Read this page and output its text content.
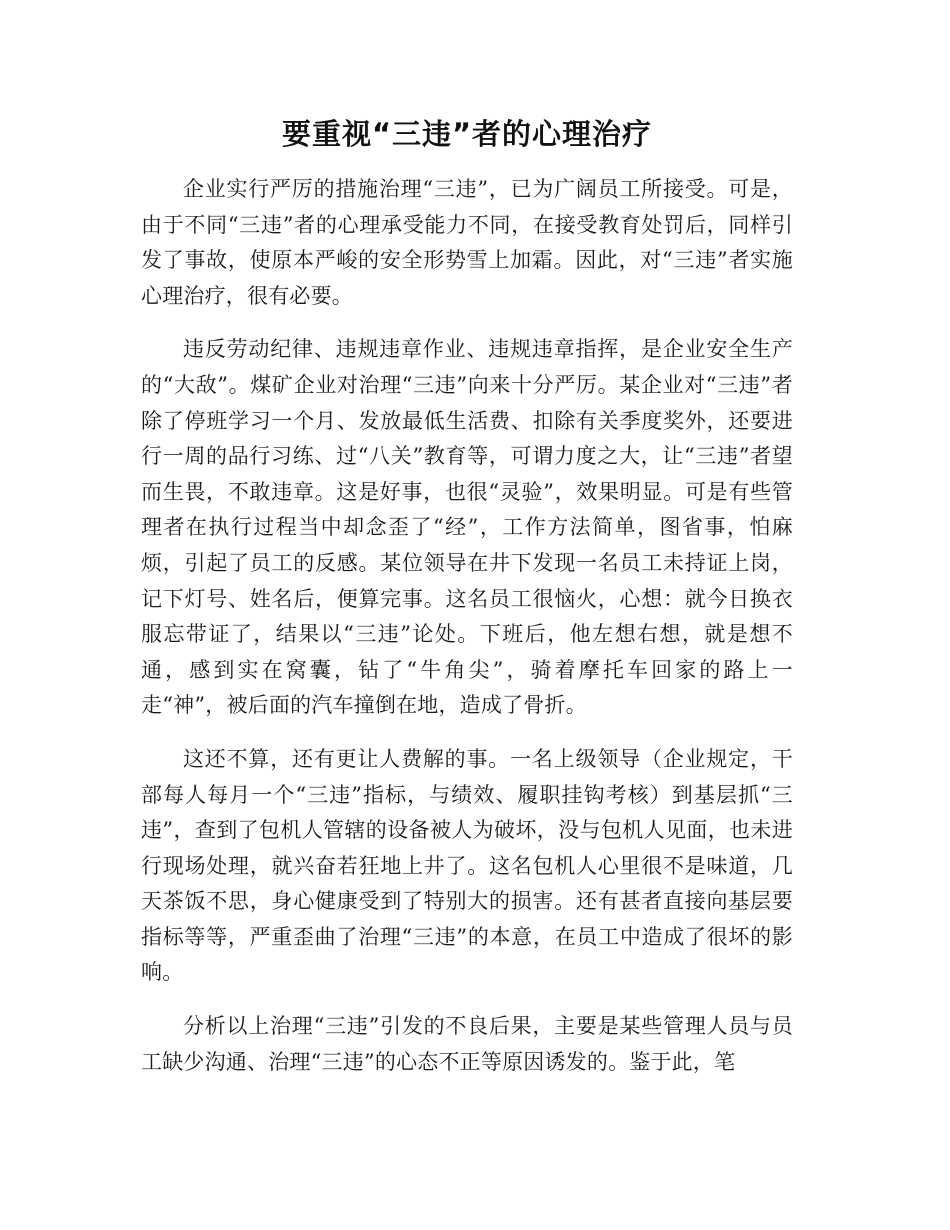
要重视“三违”者的心理治疗

企业实行严厉的措施治理“三违”，已为广阔员工所接受。可是，由于不同“三违”者的心理承受能力不同，在接受教育处罚后，同样引发了事故，使原本严峻的安全形势雪上加霜。因此，对“三违”者实施心理治疗，很有必要。

违反劳动纪律、违规违章作业、违规违章指挥，是企业安全生产的“大敌”。煤矿企业对治理“三违”向来十分严厉。某企业对“三违”者除了停班学习一个月、发放最低生活费、扣除有关季度奖外，还要进行一周的品行习练、过“八关”教育等，可谓力度之大，让“三违”者望而生畏，不敢违章。这是好事，也很“灵验”，效果明显。可是有些管理者在执行过程当中却念歪了“经”，工作方法简单，图省事，怕麻烦，引起了员工的反感。某位领导在井下发现一名员工未持证上岗，记下灯号、姓名后，便算完事。这名员工很恼火，心想：就今日换衣服忘带证了，结果以“三违”论处。下班后，他左想右想，就是想不通，感到实在窝囊，钻了“牛角尖”，骑着摩托车回家的路上一走“神”，被后面的汽车撞倒在地，造成了骨折。

这还不算，还有更让人费解的事。一名上级领导（企业规定，干部每人每月一个“三违”指标，与绩效、履职挂钩考核）到基层抓“三违”，查到了包机人管辖的设备被人为破坏，没与包机人见面，也未进行现场处理，就兴奋若狂地上井了。这名包机人心里很不是味道，几天茶饭不思，身心健康受到了特别大的损害。还有甚者直接向基层要指标等等，严重歪曲了治理“三违”的本意，在员工中造成了很坏的影响。

分析以上治理“三违”引发的不良后果，主要是某些管理人员与员工缺少沟通、治理“三违”的心态不正等原因诱发的。鉴于此，笔
